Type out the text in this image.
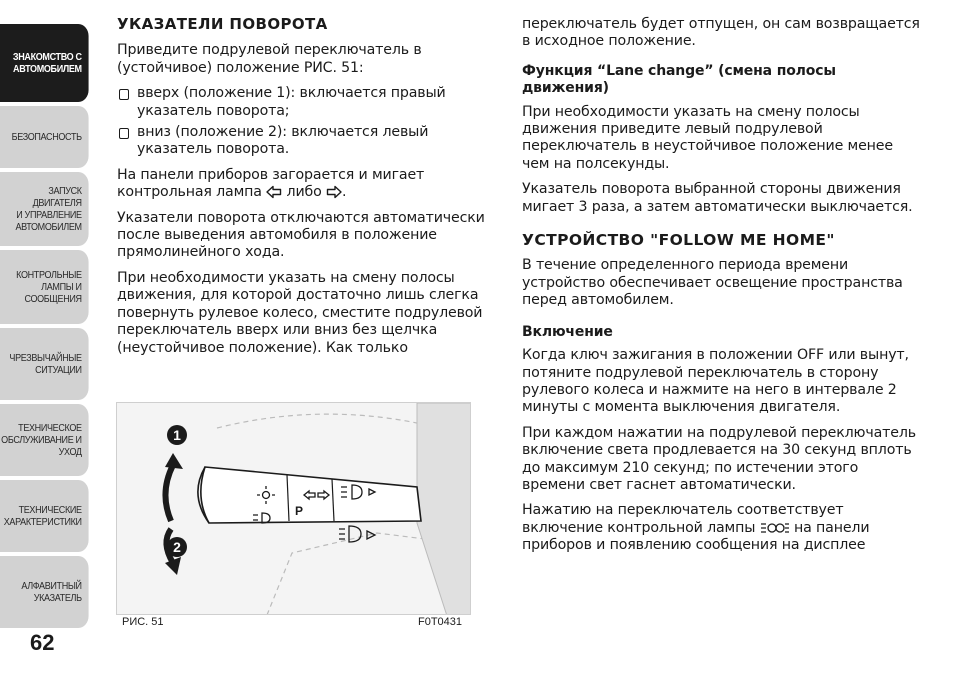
ЗНАКОМСТВО С
АВТОМОБИЛЕМ
БЕЗОПАСНОСТЬ
ЗАПУСК ДВИГАТЕЛЯ
И УПРАВЛЕНИЕ
АВТОМОБИЛЕМ
КОНТРОЛЬНЫЕ
ЛАМПЫ И
СООБЩЕНИЯ
ЧРЕЗВЫЧАЙНЫЕ
СИТУАЦИИ
ТЕХНИЧЕСКОЕ
ОБСЛУЖИВАНИЕ И
УХОД
ТЕХНИЧЕСКИЕ
ХАРАКТЕРИСТИКИ
АЛФАВИТНЫЙ
УКАЗАТЕЛЬ
62
УКАЗАТЕЛИ ПОВОРОТА
Приведите подрулевой переключатель в (устойчивое) положение РИС. 51:
вверх (положение 1): включается правый указатель поворота;
вниз (положение 2): включается левый указатель поворота.
На панели приборов загорается и мигает контрольная лампа  либо .
Указатели поворота отключаются автоматически после выведения автомобиля в положение прямолинейного хода.
При необходимости указать на смену полосы движения, для которой достаточно лишь слегка повернуть рулевое колесо, сместите подрулевой переключатель вверх или вниз без щелчка (неустойчивое положение). Как только
P
1
2
РИС. 51	F0T0431
переключатель будет отпущен, он сам возвращается в исходное положение.
Функция “Lane change” (смена полосы движения)
При необходимости указать на смену полосы движения приведите левый подрулевой переключатель в неустойчивое положение менее чем на полсекунды.
Указатель поворота выбранной стороны движения мигает 3 раза, а затем автоматически выключается.
УСТРОЙСТВО "FOLLOW ME HOME"
В течение определенного периода времени устройство обеспечивает освещение пространства перед автомобилем.
Включение
Когда ключ зажигания в положении OFF или вынут, потяните подрулевой переключатель в сторону рулевого колеса и нажмите на него в интервале 2 минуты с момента выключения двигателя.
При каждом нажатии на подрулевой переключатель включение света продлевается на 30 секунд вплоть до максимум 210 секунд; по истечении этого времени свет гаснет автоматически.
Нажатию на переключатель соответствует включение контрольной лампы  на панели приборов и появлению сообщения на дисплее
